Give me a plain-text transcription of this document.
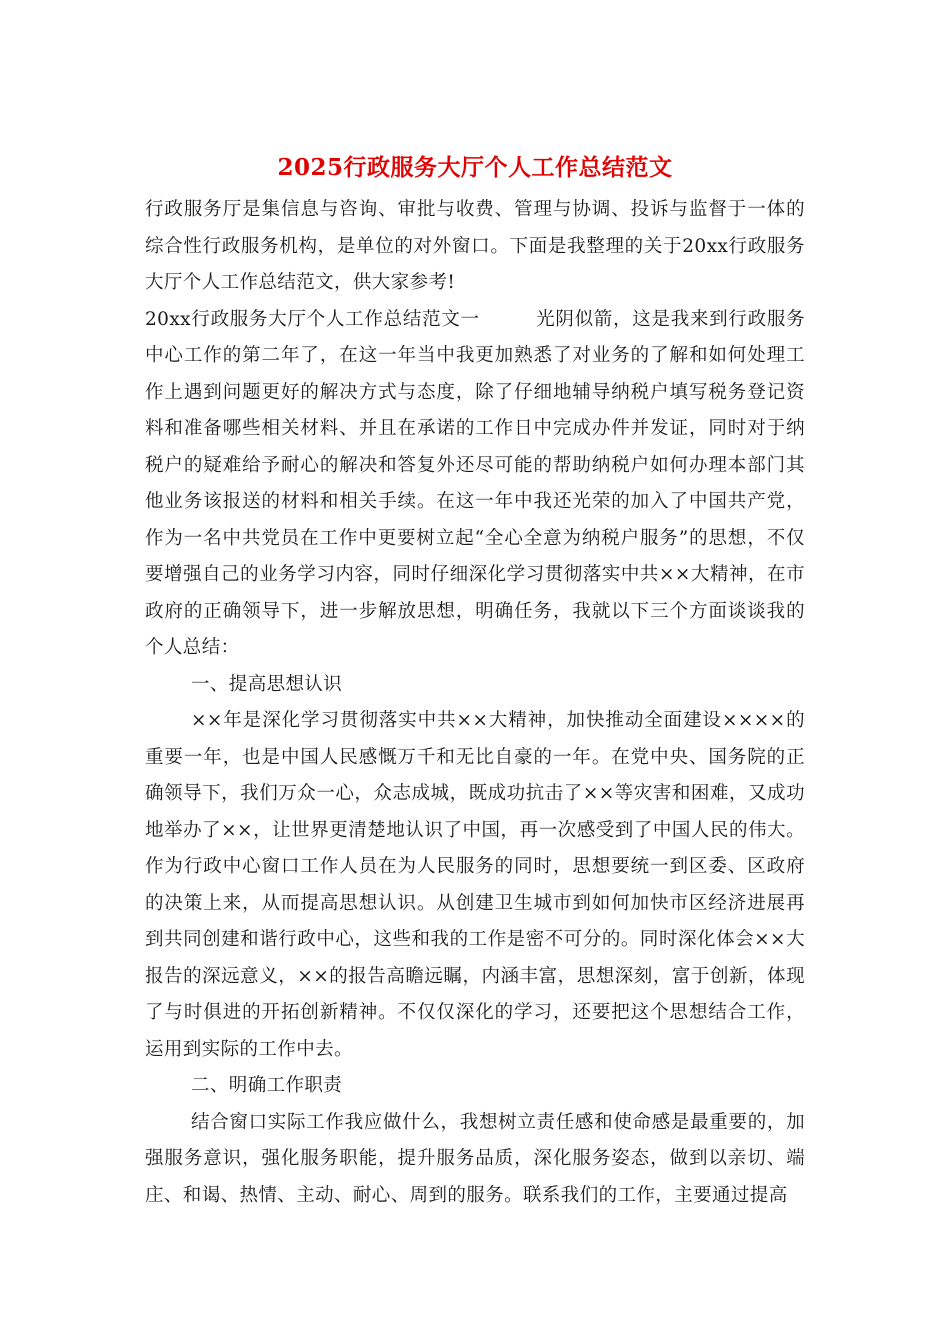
2025行政服务大厅个人工作总结范文

行政服务厅是集信息与咨询、审批与收费、管理与协调、投诉与监督于一体的综合性行政服务机构，是单位的对外窗口。下面是我整理的关于20xx行政服务大厅个人工作总结范文，供大家参考!

20xx行政服务大厅个人工作总结范文一	光阴似箭，这是我来到行政服务中心工作的第二年了，在这一年当中我更加熟悉了对业务的了解和如何处理工作上遇到问题更好的解决方式与态度，除了仔细地辅导纳税户填写税务登记资料和准备哪些相关材料、并且在承诺的工作日中完成办件并发证，同时对于纳税户的疑难给予耐心的解决和答复外还尽可能的帮助纳税户如何办理本部门其他业务该报送的材料和相关手续。在这一年中我还光荣的加入了中国共产党，作为一名中共党员在工作中更要树立起“全心全意为纳税户服务”的思想，不仅要增强自己的业务学习内容，同时仔细深化学习贯彻落实中共××大精神，在市政府的正确领导下，进一步解放思想，明确任务，我就以下三个方面谈谈我的个人总结：

一、提高思想认识

××年是深化学习贯彻落实中共××大精神，加快推动全面建设××××的重要一年，也是中国人民感慨万千和无比自豪的一年。在党中央、国务院的正确领导下，我们万众一心，众志成城，既成功抗击了××等灾害和困难，又成功地举办了××，让世界更清楚地认识了中国，再一次感受到了中国人民的伟大。作为行政中心窗口工作人员在为人民服务的同时，思想要统一到区委、区政府的决策上来，从而提高思想认识。从创建卫生城市到如何加快市区经济进展再到共同创建和谐行政中心，这些和我的工作是密不可分的。同时深化体会××大报告的深远意义，××的报告高瞻远瞩，内涵丰富，思想深刻，富于创新，体现了与时俱进的开拓创新精神。不仅仅深化的学习，还要把这个思想结合工作，运用到实际的工作中去。

二、明确工作职责

结合窗口实际工作我应做什么，我想树立责任感和使命感是最重要的，加强服务意识，强化服务职能，提升服务品质，深化服务姿态，做到以亲切、端庄、和谒、热情、主动、耐心、周到的服务。联系我们的工作，主要通过提高
